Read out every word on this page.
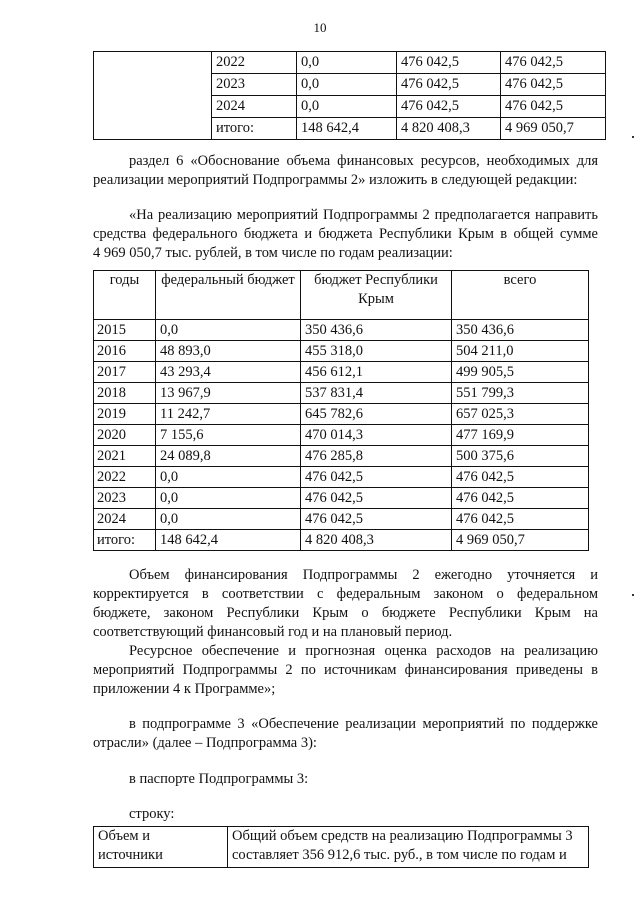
10
	2022	0,0	476 042,5	476 042,5
	2023	0,0	476 042,5	476 042,5
	2024	0,0	476 042,5	476 042,5
	итого:	148 642,4	4 820 408,3	4 969 050,7
раздел 6 «Обоснование объема финансовых ресурсов, необходимых для
реализации мероприятий Подпрограммы 2» изложить в следующей редакции:
«На реализацию мероприятий Подпрограммы 2 предполагается направить
средства федерального бюджета и бюджета Республики Крым в общей сумме
4 969 050,7 тыс. рублей, в том числе по годам реализации:
годы	федеральный бюджет	бюджет Республики Крым	всего
2015	0,0	350 436,6	350 436,6
2016	48 893,0	455 318,0	504 211,0
2017	43 293,4	456 612,1	499 905,5
2018	13 967,9	537 831,4	551 799,3
2019	11 242,7	645 782,6	657 025,3
2020	7 155,6	470 014,3	477 169,9
2021	24 089,8	476 285,8	500 375,6
2022	0,0	476 042,5	476 042,5
2023	0,0	476 042,5	476 042,5
2024	0,0	476 042,5	476 042,5
итого:	148 642,4	4 820 408,3	4 969 050,7
Объем финансирования Подпрограммы 2 ежегодно уточняется и
корректируется в соответствии с федеральным законом о федеральном
бюджете, законом Республики Крым о бюджете Республики Крым на
соответствующий финансовый год и на плановый период.
Ресурсное обеспечение и прогнозная оценка расходов на реализацию
мероприятий Подпрограммы 2 по источникам финансирования приведены в
приложении 4 к Программе»;
в подпрограмме 3 «Обеспечение реализации мероприятий по поддержке
отрасли» (далее – Подпрограмма 3):
в паспорте Подпрограммы 3:
строку:
Объем и
источники	Общий объем средств на реализацию Подпрограммы 3
составляет 356 912,6 тыс. руб., в том числе по годам и
